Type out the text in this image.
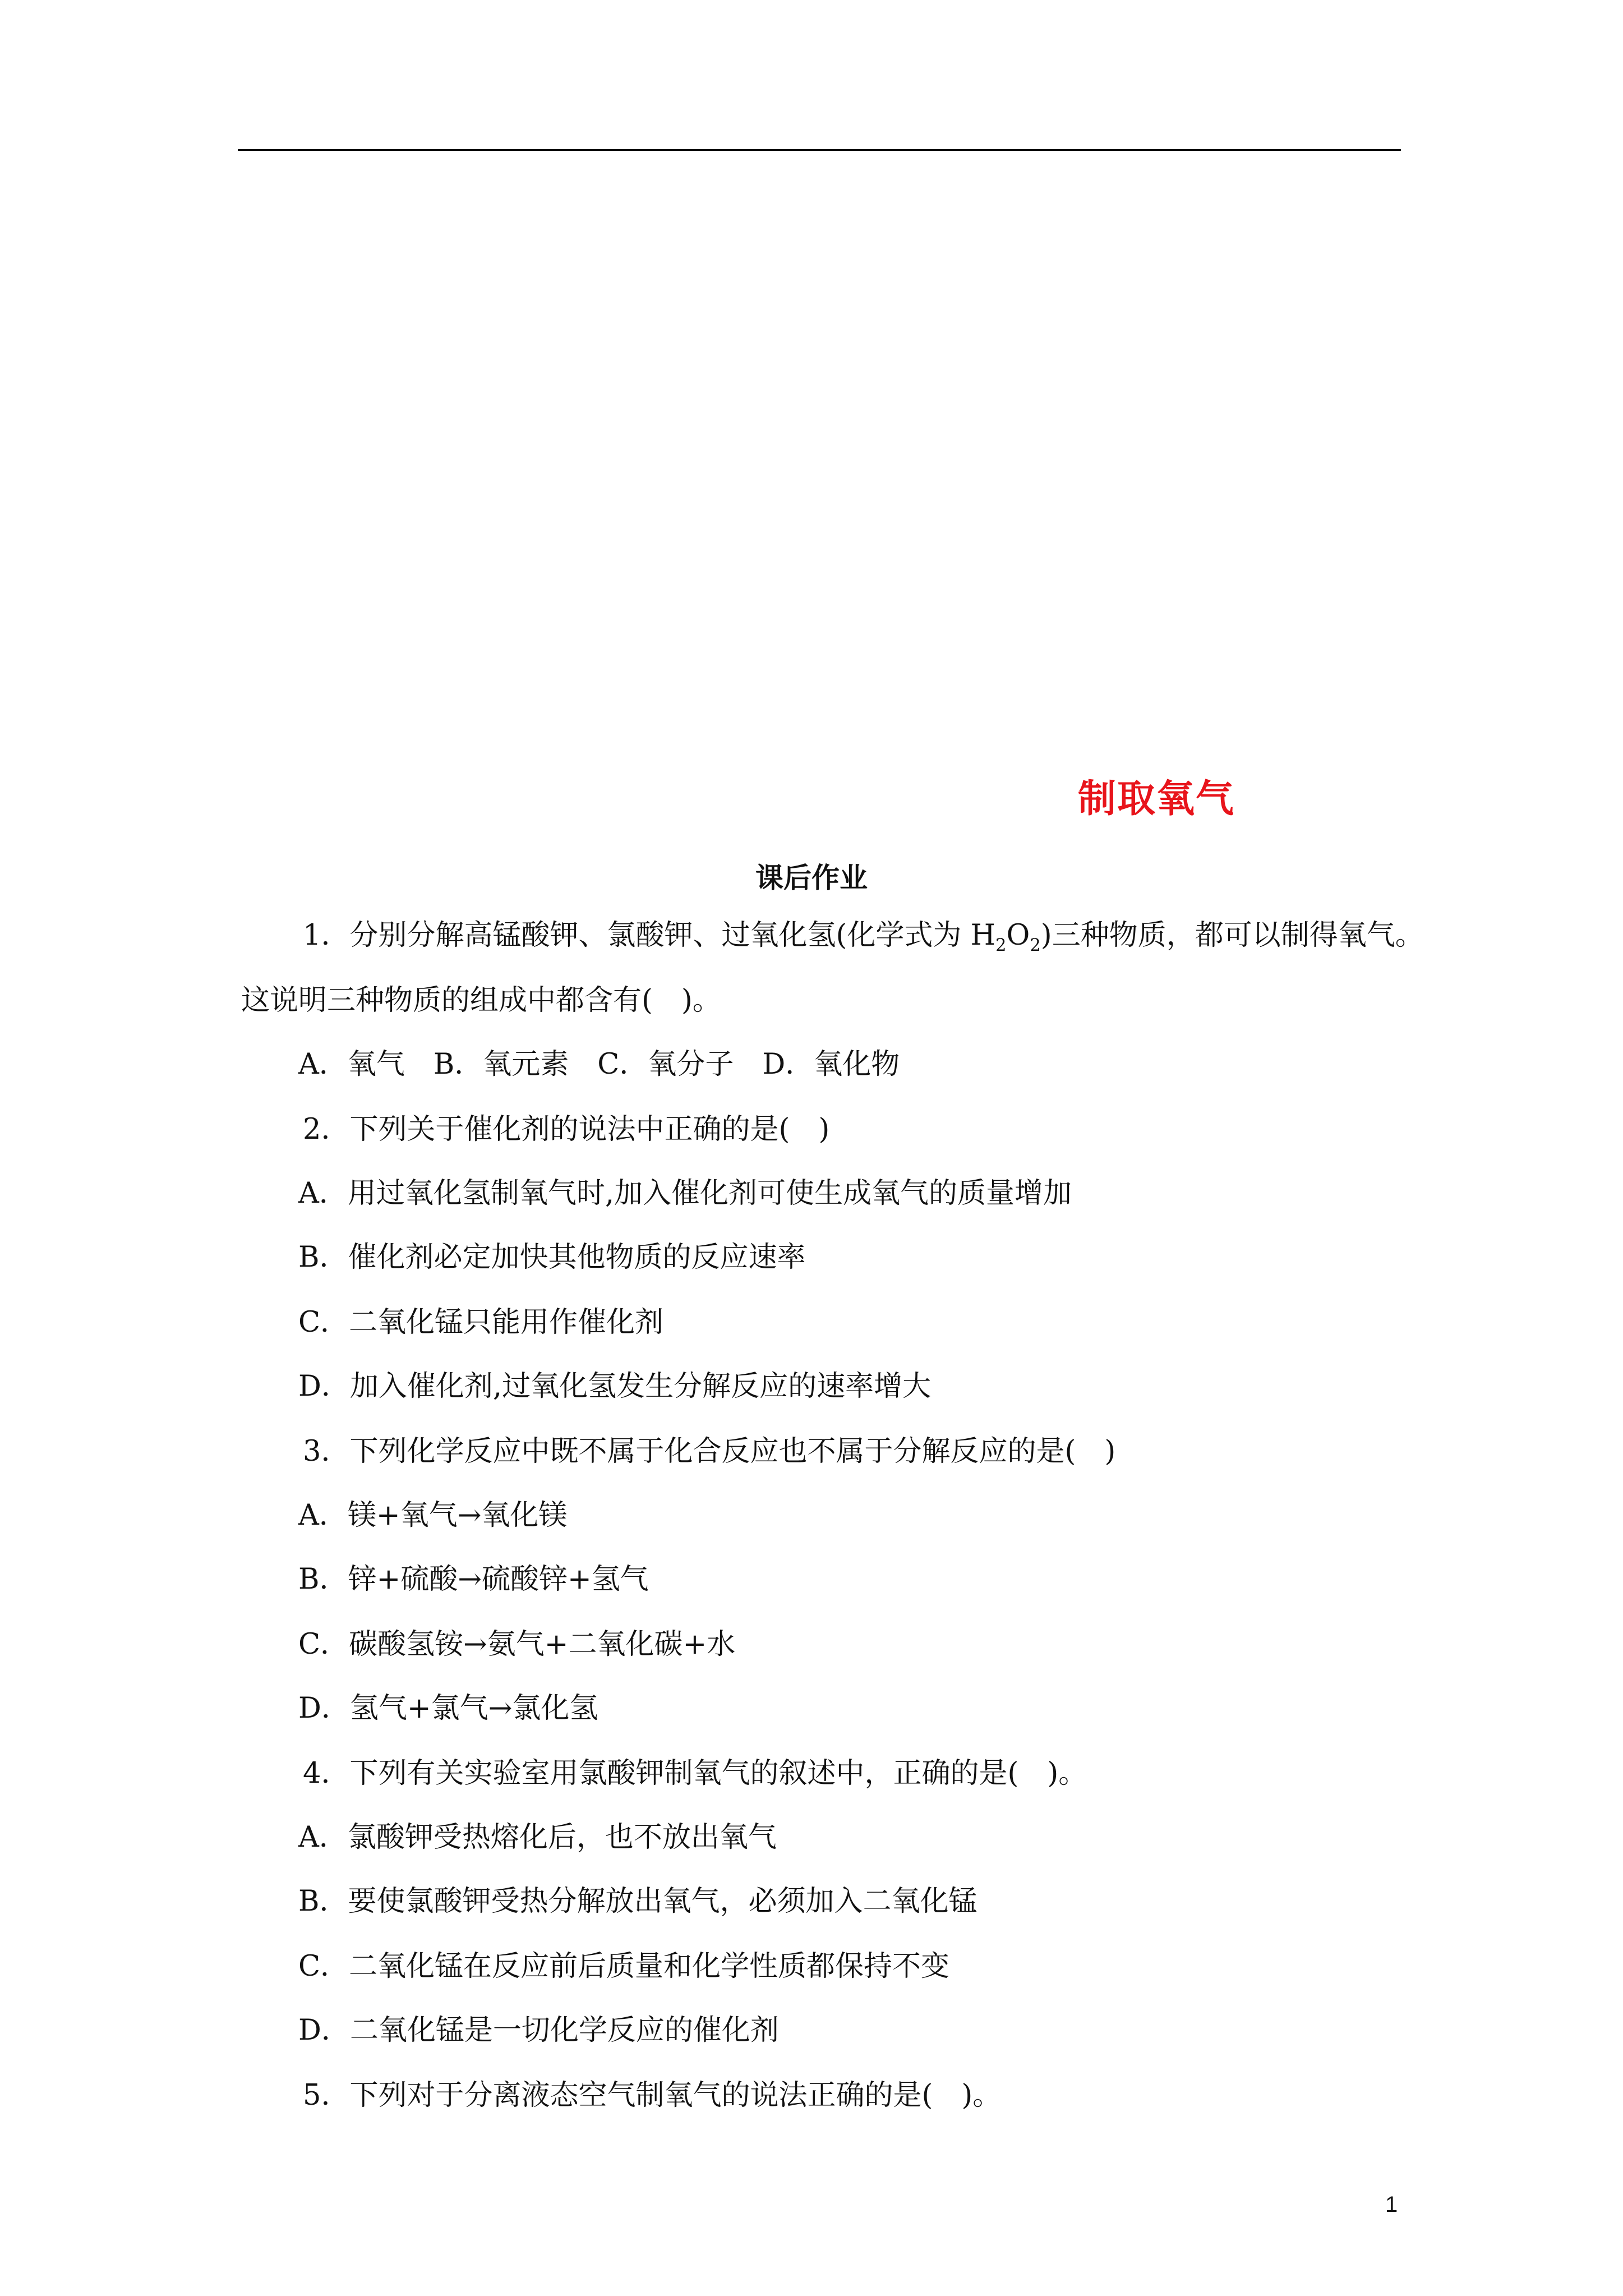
制取氧气
课后作业
1．分别分解高锰酸钾、氯酸钾、过氧化氢(化学式为 $H_2O_2$)三种物质，都可以制得氧气。
这说明三种物质的组成中都含有(　)。
A．氧气　B．氧元素　C．氧分子　D．氧化物
2．下列关于催化剂的说法中正确的是(　)
A．用过氧化氢制氧气时,加入催化剂可使生成氧气的质量增加
B．催化剂必定加快其他物质的反应速率
C．二氧化锰只能用作催化剂
D．加入催化剂,过氧化氢发生分解反应的速率增大
3．下列化学反应中既不属于化合反应也不属于分解反应的是(　)
A．镁+氧气→氧化镁
B．锌+硫酸→硫酸锌+氢气
C．碳酸氢铵→氨气+二氧化碳+水
D．氢气+氯气→氯化氢
4．下列有关实验室用氯酸钾制氧气的叙述中，正确的是(　)。
A．氯酸钾受热熔化后，也不放出氧气
B．要使氯酸钾受热分解放出氧气，必须加入二氧化锰
C．二氧化锰在反应前后质量和化学性质都保持不变
D．二氧化锰是一切化学反应的催化剂
5．下列对于分离液态空气制氧气的说法正确的是(　)。
1
